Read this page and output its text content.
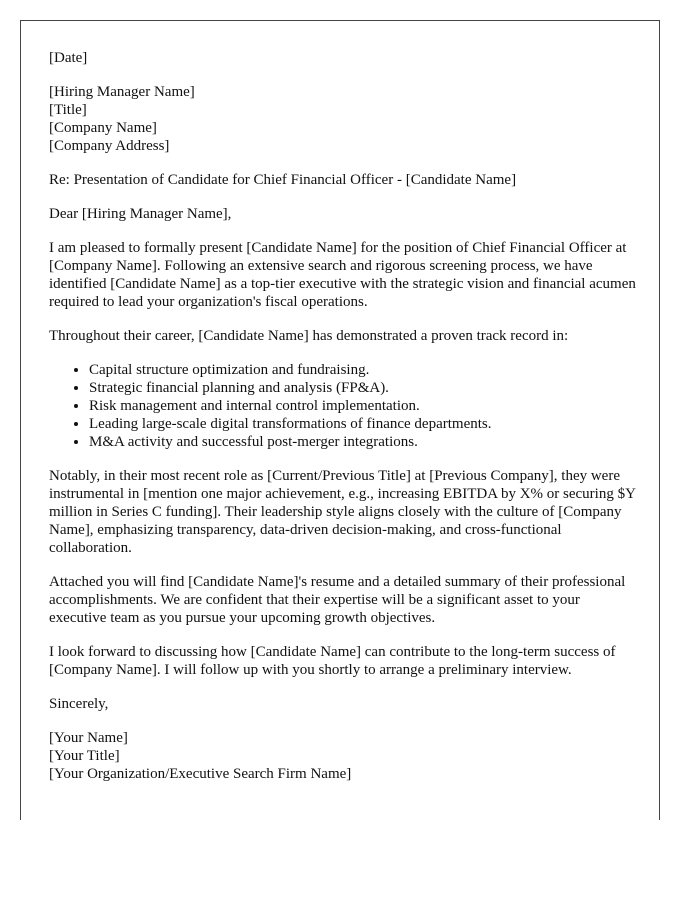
[Date]
[Hiring Manager Name]
[Title]
[Company Name]
[Company Address]

Re: Presentation of Candidate for Chief Financial Officer - [Candidate Name]

Dear [Hiring Manager Name],

I am pleased to formally present [Candidate Name] for the position of Chief Financial Officer at [Company Name]. Following an extensive search and rigorous screening process, we have identified [Candidate Name] as a top-tier executive with the strategic vision and financial acumen required to lead your organization's fiscal operations.

Throughout their career, [Candidate Name] has demonstrated a proven track record in:

• Capital structure optimization and fundraising.
• Strategic financial planning and analysis (FP&A).
• Risk management and internal control implementation.
• Leading large-scale digital transformations of finance departments.
• M&A activity and successful post-merger integrations.

Notably, in their most recent role as [Current/Previous Title] at [Previous Company], they were instrumental in [mention one major achievement, e.g., increasing EBITDA by X% or securing $Y million in Series C funding]. Their leadership style aligns closely with the culture of [Company Name], emphasizing transparency, data-driven decision-making, and cross-functional collaboration.

Attached you will find [Candidate Name]'s resume and a detailed summary of their professional accomplishments. We are confident that their expertise will be a significant asset to your executive team as you pursue your upcoming growth objectives.

I look forward to discussing how [Candidate Name] can contribute to the long-term success of [Company Name]. I will follow up with you shortly to arrange a preliminary interview.

Sincerely,

[Your Name]
[Your Title]
[Your Organization/Executive Search Firm Name]
